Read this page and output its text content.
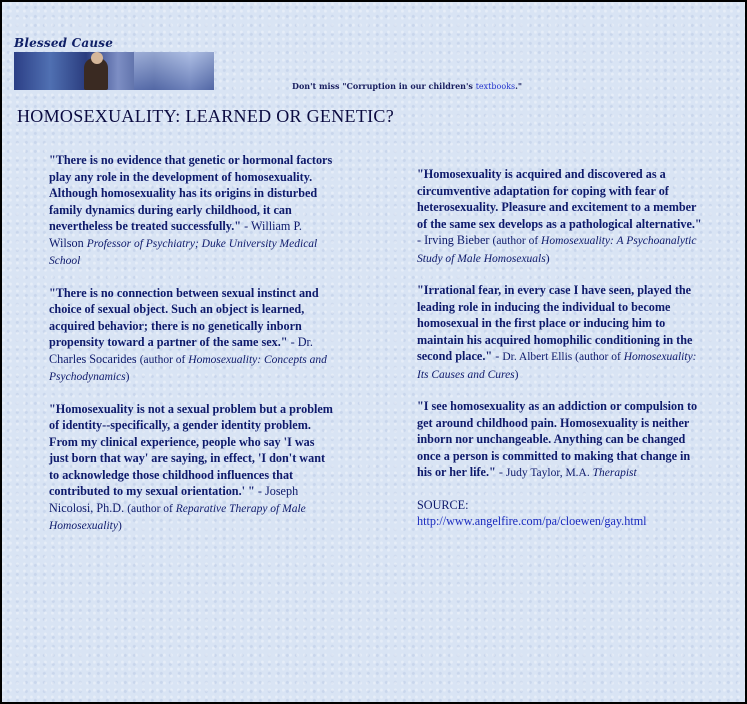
Blessed Cause
Don't miss "Corruption in our children's textbooks."
HOMOSEXUALITY: LEARNED OR GENETIC?

"There is no evidence that genetic or hormonal factors play any role in the development of homosexuality. Although homosexuality has its origins in disturbed family dynamics during early childhood, it can nevertheless be treated successfully." - William P. Wilson Professor of Psychiatry; Duke University Medical School

"There is no connection between sexual instinct and choice of sexual object. Such an object is learned, acquired behavior; there is no genetically inborn propensity toward a partner of the same sex." - Dr. Charles Socarides (author of Homosexuality: Concepts and Psychodynamics)

"Homosexuality is not a sexual problem but a problem of identity--specifically, a gender identity problem. From my clinical experience, people who say 'I was just born that way' are saying, in effect, 'I don't want to acknowledge those childhood influences that contributed to my sexual orientation.' " - Joseph Nicolosi, Ph.D. (author of Reparative Therapy of Male Homosexuality)

"Homosexuality is acquired and discovered as a circumventive adaptation for coping with fear of heterosexuality. Pleasure and excitement to a member of the same sex develops as a pathological alternative." - Irving Bieber (author of Homosexuality: A Psychoanalytic Study of Male Homosexuals)

"Irrational fear, in every case I have seen, played the leading role in inducing the individual to become homosexual in the first place or inducing him to maintain his acquired homophilic conditioning in the second place." - Dr. Albert Ellis (author of Homosexuality: Its Causes and Cures)

"I see homosexuality as an addiction or compulsion to get around childhood pain. Homosexuality is neither inborn nor unchangeable. Anything can be changed once a person is committed to making that change in his or her life." - Judy Taylor, M.A. Therapist

SOURCE:
http://www.angelfire.com/pa/cloewen/gay.html
